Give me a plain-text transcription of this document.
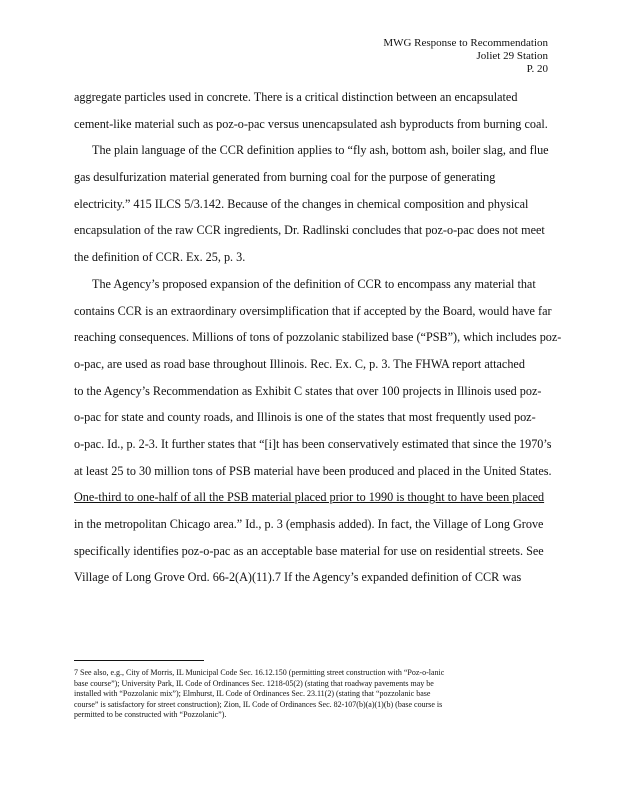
MWG Response to Recommendation
Joliet 29 Station
P. 20
aggregate particles used in concrete. There is a critical distinction between an encapsulated
cement-like material such as poz-o-pac versus unencapsulated ash byproducts from burning coal.
The plain language of the CCR definition applies to “fly ash, bottom ash, boiler slag, and flue
gas desulfurization material generated from burning coal for the purpose of generating
electricity.” 415 ILCS 5/3.142. Because of the changes in chemical composition and physical
encapsulation of the raw CCR ingredients, Dr. Radlinski concludes that poz-o-pac does not meet
the definition of CCR. Ex. 25, p. 3.
The Agency’s proposed expansion of the definition of CCR to encompass any material that
contains CCR is an extraordinary oversimplification that if accepted by the Board, would have far
reaching consequences. Millions of tons of pozzolanic stabilized base (“PSB”), which includes poz-
o-pac, are used as road base throughout Illinois. Rec. Ex. C, p. 3. The FHWA report attached
to the Agency’s Recommendation as Exhibit C states that over 100 projects in Illinois used poz-
o-pac for state and county roads, and Illinois is one of the states that most frequently used poz-
o-pac. Id., p. 2-3. It further states that “[i]t has been conservatively estimated that since the 1970’s
at least 25 to 30 million tons of PSB material have been produced and placed in the United States.
One-third to one-half of all the PSB material placed prior to 1990 is thought to have been placed
in the metropolitan Chicago area.” Id., p. 3 (emphasis added). In fact, the Village of Long Grove
specifically identifies poz-o-pac as an acceptable base material for use on residential streets. See
Village of Long Grove Ord. 66-2(A)(11).7 If the Agency’s expanded definition of CCR was
7 See also, e.g., City of Morris, IL Municipal Code Sec. 16.12.150 (permitting street construction with “Poz-o-lanic
base course”); University Park, IL Code of Ordinances Sec. 1218-05(2) (stating that roadway pavements may be
installed with “Pozzolanic mix”); Elmhurst, IL Code of Ordinances Sec. 23.11(2) (stating that “pozzolanic base
course” is satisfactory for street construction); Zion, IL Code of Ordinances Sec. 82-107(b)(a)(1)(b) (base course is
permitted to be constructed with “Pozzolanic”).
